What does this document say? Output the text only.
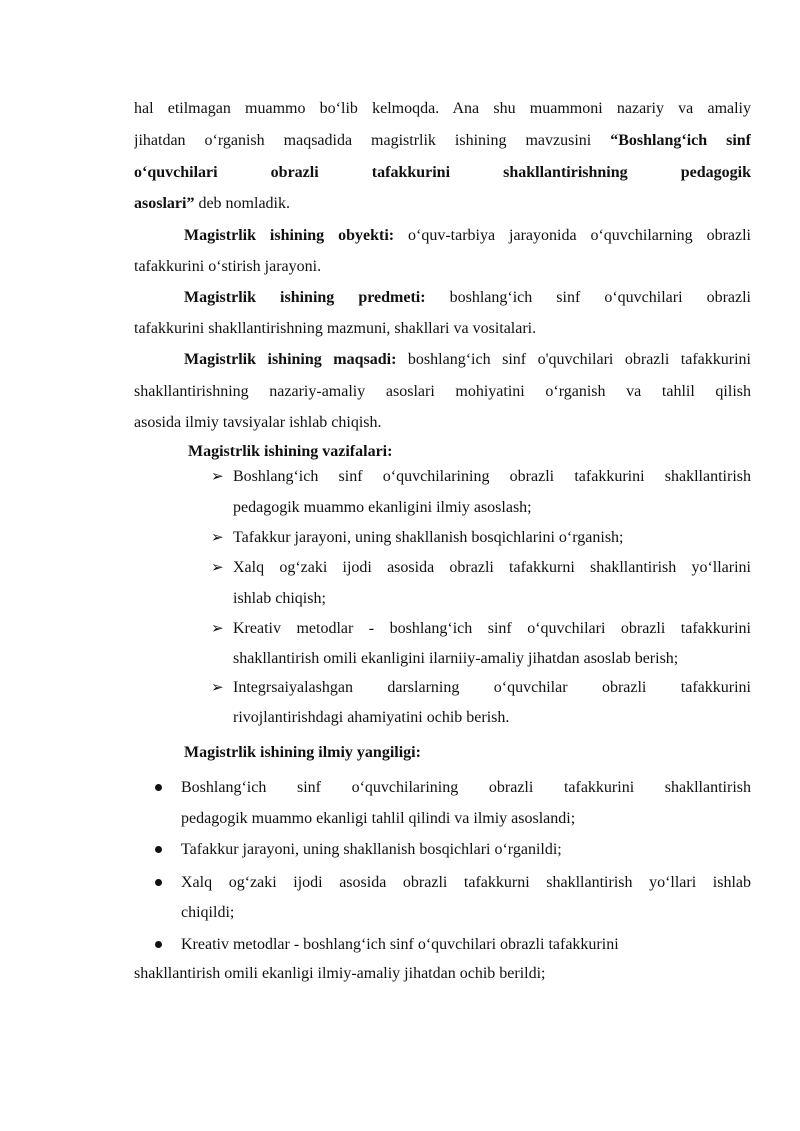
hal etilmagan muammo bo‘lib kelmoqda. Ana shu muammoni nazariy va amaliy
jihatdan o‘rganish maqsadida magistrlik ishining mavzusini “Boshlang‘ich sinf
o‘quvchilari obrazli tafakkurini shakllantirishning pedagogik
asoslari” deb nomladik.
Magistrlik ishining obyekti: o‘quv-tarbiya jarayonida o‘quvchilarning obrazli
tafakkurini o‘stirish jarayoni.
Magistrlik ishining predmeti: boshlang‘ich sinf o‘quvchilari obrazli
tafakkurini shakllantirishning mazmuni, shakllari va vositalari.
Magistrlik ishining maqsadi: boshlang‘ich sinf o'quvchilari obrazli tafakkurini
shakllantirishning nazariy-amaliy asoslari mohiyatini o‘rganish va tahlil qilish
asosida ilmiy tavsiyalar ishlab chiqish.
Magistrlik ishining vazifalari:
➢ Boshlang‘ich sinf o‘quvchilarining obrazli tafakkurini shakllantirish
pedagogik muammo ekanligini ilmiy asoslash;
➢ Tafakkur jarayoni, uning shakllanish bosqichlarini o‘rganish;
➢ Xalq og‘zaki ijodi asosida obrazli tafakkurni shakllantirish yo‘llarini
ishlab chiqish;
➢ Kreativ metodlar - boshlang‘ich sinf o‘quvchilari obrazli tafakkurini
shakllantirish omili ekanligini ilarniiy-amaliy jihatdan asoslab berish;
➢ Integrsaiyalashgan darslarning o‘quvchilar obrazli tafakkurini
rivojlantirishdagi ahamiyatini ochib berish.
Magistrlik ishining ilmiy yangiligi:
Boshlang‘ich sinf o‘quvchilarining obrazli tafakkurini shakllantirish
pedagogik muammo ekanligi tahlil qilindi va ilmiy asoslandi;
Tafakkur jarayoni, uning shakllanish bosqichlari o‘rganildi;
Xalq og‘zaki ijodi asosida obrazli tafakkurni shakllantirish yo‘llari ishlab
chiqildi;
Kreativ metodlar - boshlang‘ich sinf o‘quvchilari obrazli tafakkurini
shakllantirish omili ekanligi ilmiy-amaliy jihatdan ochib berildi;
